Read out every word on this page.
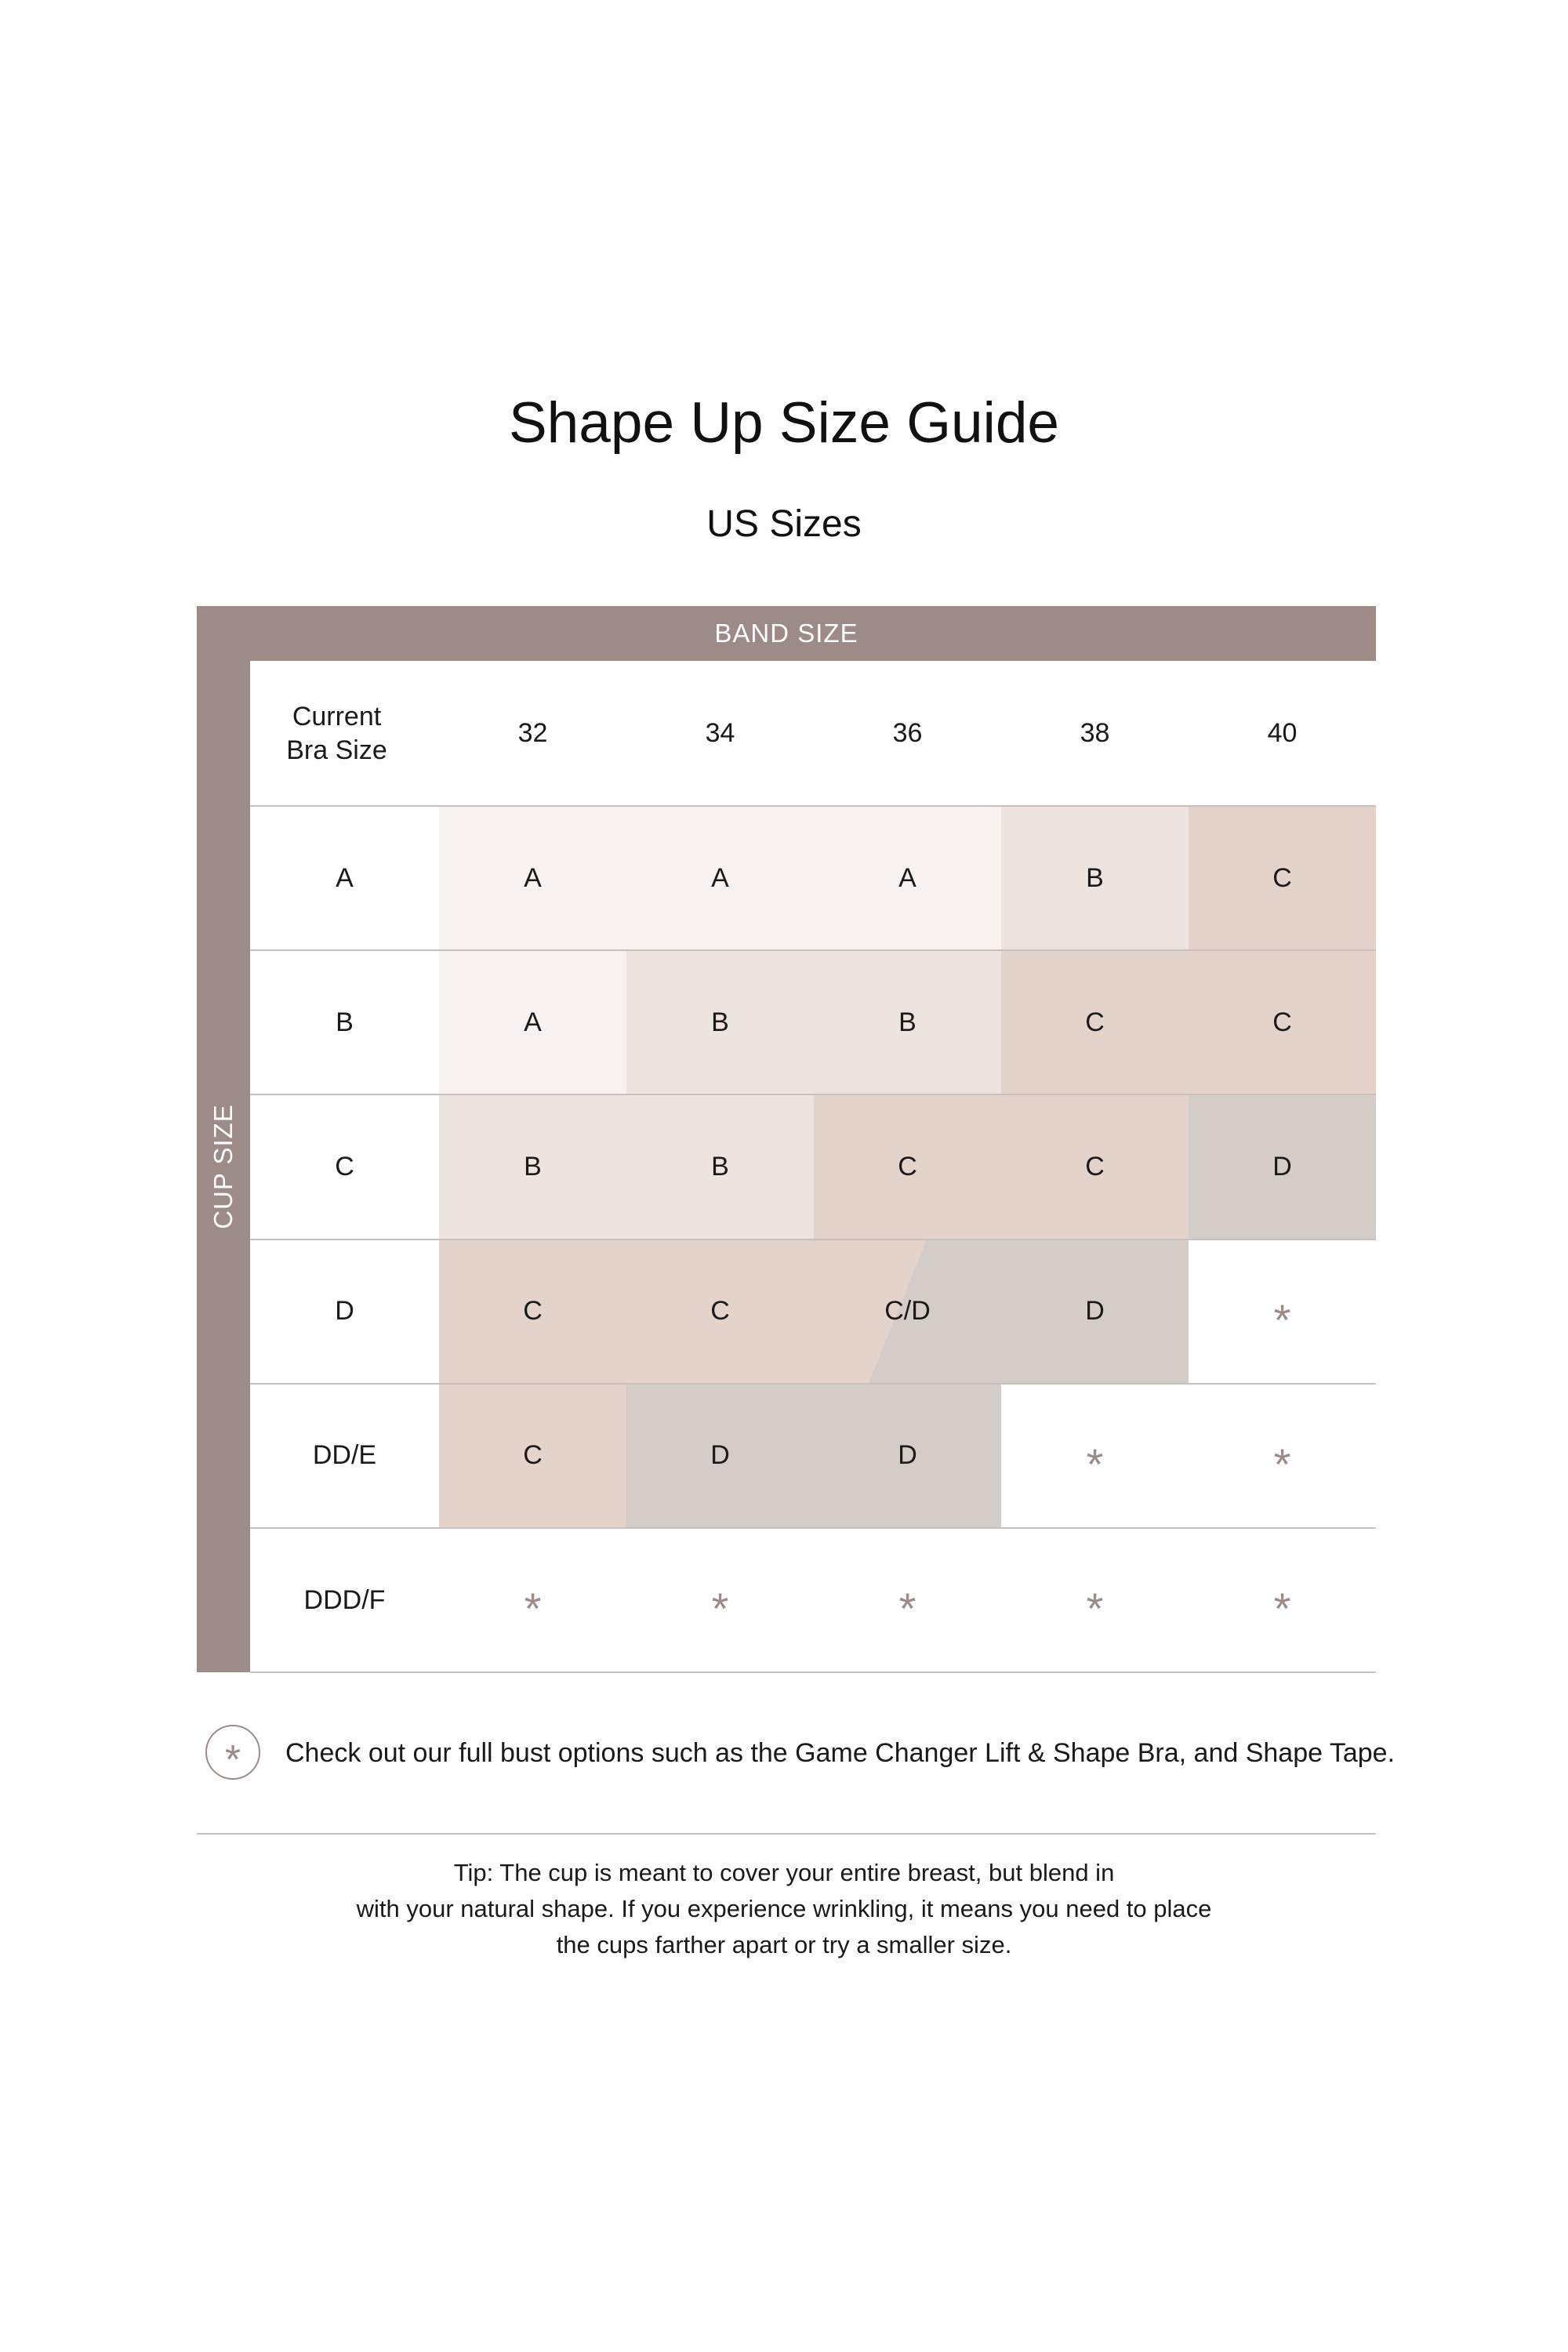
Shape Up Size Guide
US Sizes
BAND SIZE
CUP SIZE
Current
Bra Size
32	34	36	38	40
A	A	A	A	B	C
B	A	B	B	C	C
C	B	B	C	C	D
D	C	C	C/D	D	*
DD/E	C	D	D	*	*
DDD/F	*	*	*	*	*
*	Check out our full bust options such as the Game Changer Lift & Shape Bra, and Shape Tape.
Tip: The cup is meant to cover your entire breast, but blend in
with your natural shape. If you experience wrinkling, it means you need to place
the cups farther apart or try a smaller size.
